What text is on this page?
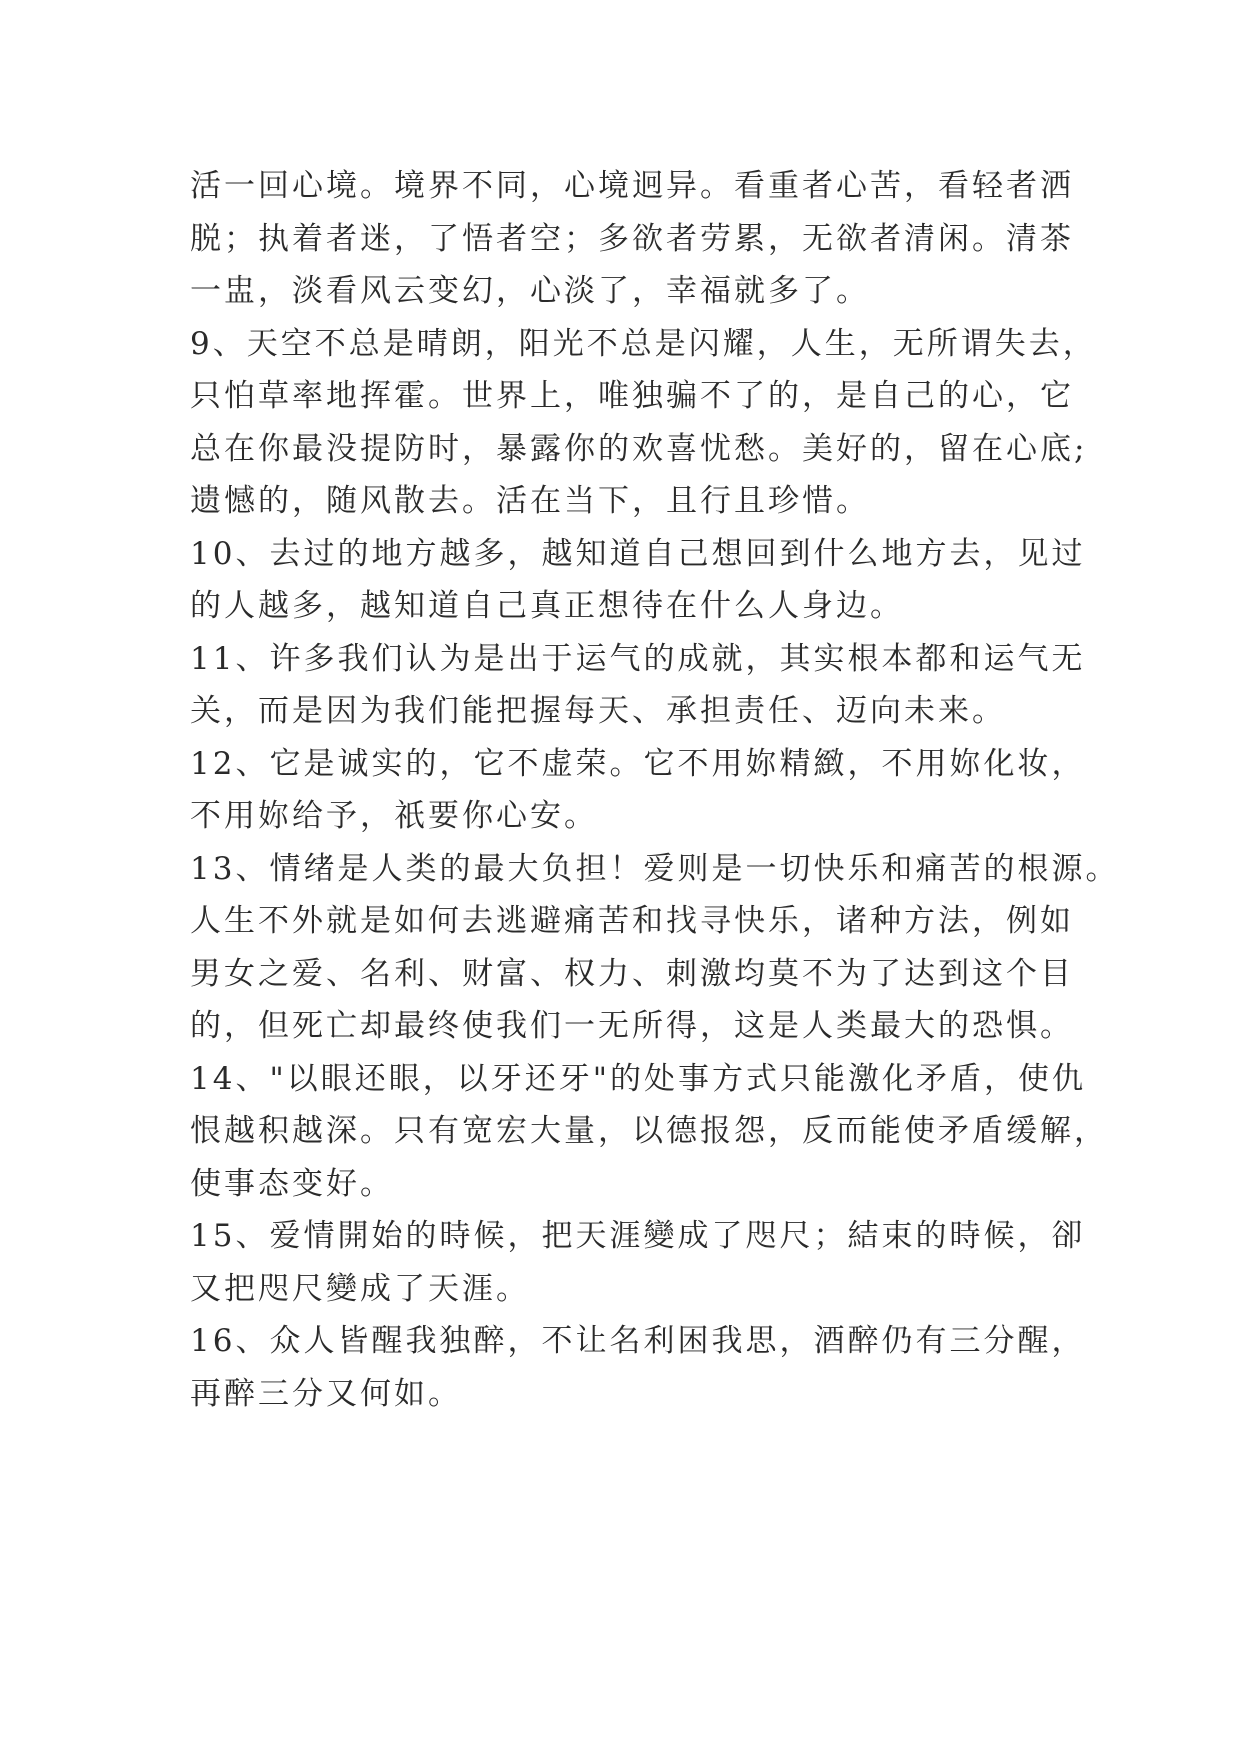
活一回心境。境界不同，心境迥异。看重者心苦，看轻者洒
脱；执着者迷，了悟者空；多欲者劳累，无欲者清闲。清茶
一盅，淡看风云变幻，心淡了，幸福就多了。
9、天空不总是晴朗，阳光不总是闪耀，人生，无所谓失去，
只怕草率地挥霍。世界上，唯独骗不了的，是自己的心，它
总在你最没提防时，暴露你的欢喜忧愁。美好的，留在心底;
遗憾的，随风散去。活在当下，且行且珍惜。
10、去过的地方越多，越知道自己想回到什么地方去，见过
的人越多，越知道自己真正想待在什么人身边。
11、许多我们认为是出于运气的成就，其实根本都和运气无
关，而是因为我们能把握每天、承担责任、迈向未来。
12、它是诚实的，它不虚荣。它不用妳精緻，不用妳化妆，
不用妳给予，祇要你心安。
13、情绪是人类的最大负担！爱则是一切快乐和痛苦的根源。
人生不外就是如何去逃避痛苦和找寻快乐，诸种方法，例如
男女之爱、名利、财富、权力、刺激均莫不为了达到这个目
的，但死亡却最终使我们一无所得，这是人类最大的恐惧。
14、"以眼还眼，以牙还牙"的处事方式只能激化矛盾，使仇
恨越积越深。只有宽宏大量，以德报怨，反而能使矛盾缓解，
使事态变好。
15、爱情開始的時候，把天涯變成了咫尺；結束的時候，卻
又把咫尺變成了天涯。
16、众人皆醒我独醉，不让名利困我思，酒醉仍有三分醒，
再醉三分又何如。
